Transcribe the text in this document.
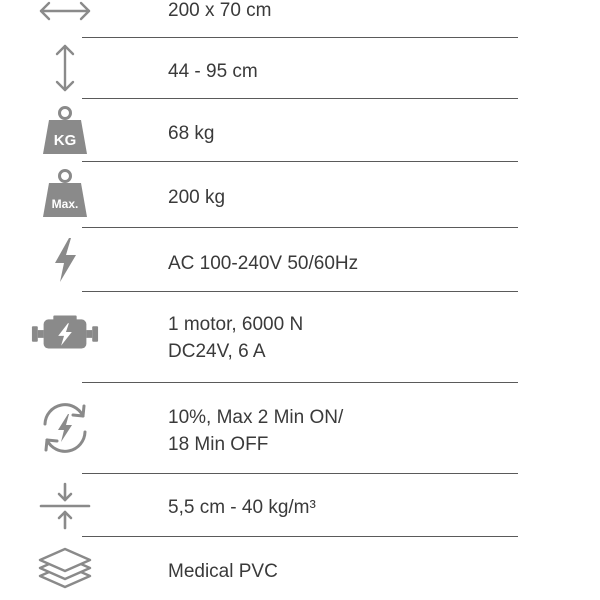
200 x 70 cm
44 - 95 cm
KG	68 kg
Max.	200 kg
AC 100-240V 50/60Hz
1 motor, 6000 N
DC24V, 6 A
10%, Max 2 Min ON/
18 Min OFF
5,5 cm - 40 kg/m³
Medical PVC
